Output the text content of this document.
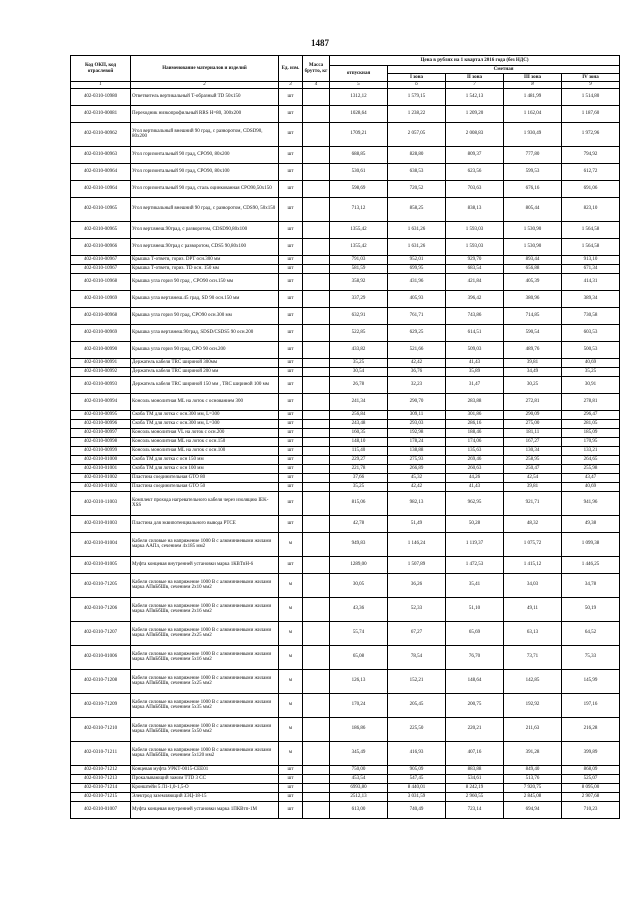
1487
Код ОКП, код отраслевой	Наименование материалов и изделий	Ед. изм.	Масса брутто, кг	Цена в рублях на 1 квартал 2016 года (без НДС)				
				отпускная	Сметная			
					I зона	II зона	III зона	IV зона
1	2	3	4	5	6	7	8	9
402-0310-10980	Ответвитель вертикальный Т-образный TD 50x150	шт		1312,12	1 579,15	1 542,13	1 481,99	1 514,80
402-0310-00081	Переходник низкопрофильный RRS H=80, 300x200	шт		1028,64	1 238,22	1 209,20	1 162,04	1 187,60
402-0310-00962	Угол вертикальный внешний 90 град, с разворотом, CDSD90, 80x200	шт		1709,21	2 057,05	2 008,83	1 930,49	1 972,96
402-0310-00963	Угол горизонтальный 90 град, CPO90, 80x200	шт		688,85	828,80	809,37	777,80	794,92
402-0310-00964	Угол горизонтальный 90 град, CPO90, 80x100	шт		530,61	638,53	623,56	599,53	612,72
402-0310-10964	Угол горизонтальный 90 град, сталь оцинкованная CPO90,50x150	шт		598,69	720,52	703,63	676,16	691,06
402-0310-10965	Угол вертикальный внешний 90 град, с разворотом, CDS90, 50x150	шт		713,12	858,25	838,13	805,44	823,10
402-0310-00965	Угол верт.внеш.90град, с разворотом, CDSD90,80x100	шт		1355,42	1 631,26	1 593,03	1 530,90	1 564,58
402-0310-00966	Угол верт.внеш.90град с разворотом, CDS5 90,80x100	шт		1355,42	1 631,26	1 593,03	1 530,90	1 564,58
402-0310-00967	Крышка Т-ответв, гориз. DPT осн.300 мм	шт		791,03	952,01	929,70	893,44	913,10
402-0310-10967	Крышка Т-ответв, гориз. TD осн. 150 мм	шт		581,59	699,95	683,54	656,88	671,34
402-0310-10968	Крышка угла гориз 90 град , CPO90 осн.150 мм	шт		358,92	431,96	421,84	405,39	414,31
402-0310-10969	Крышка угла верт.внеш.45 град, SD 90 осн.150 мм	шт		337,29	405,93	396,42	380,96	389,34
402-0310-00968	Крышка угла гориз 90 град, CPO90 осн.300 мм	шт		632,91	761,71	743,86	714,85	730,58
402-0310-00969	Крышка угла верт.внеш.90град, SDSD/CSDS5 90 осн.200	шт		522,85	629,25	614,51	590,54	603,53
402-0310-00990	Крышка угла гориз 90 град, CPO 90 осн.200	шт		433,82	521,66	509,03	489,76	500,53
402-0310-00991	Держатель кабеля TRC шириной 300мм	шт		35,25	42,42	41,43	39,81	40,69
402-0310-00992	Держатель кабеля TRC шириной 200 мм	шт		30,54	36,76	35,89	34,49	35,25
402-0310-00993	Держатель кабеля TRC шириной 150 мм , TRC шириной 100 мм	шт		26,78	32,23	31,47	30,25	30,91
402-0310-00994	Консоль монолитная ML на лоток с основанием 300	шт		241,34	290,70	283,88	272,81	278,81
402-0310-00995	Скоба TM для лотка с осн.300 мм, L=300	шт		256,84	309,11	301,86	290,09	296,47
402-0310-00996	Скоба TM для лотка с осн.300 мм, L=300	шт		243,48	293,03	286,16	275,00	281,05
402-0310-00997	Консоль монолитная VL на лоток с осн.200	шт		160,35	192,98	188,46	181,11	185,09
402-0310-00998	Консоль монолитная ML на лоток с осн.150	шт		148,10	178,24	174,06	167,27	170,95
402-0310-00999	Консоль монолитная ML на лоток с осн.100	шт		115,40	138,88	135,63	130,34	133,21
402-0310-01000	Скоба TM для лотка с осн 150 мм	шт		229,27	275,93	269,46	258,95	264,65
402-0310-01001	Скоба TM для лотка с осн 100 мм	шт		221,78	266,89	260,63	250,47	255,98
402-0310-01002	Пластина соединительная GTO 80	шт		37,66	45,32	44,26	42,54	43,47
402-0310-01002	Пластина соединительная GTO 50	шт		35,25	42,42	41,43	39,81	40,69
402-0310-11003	Комплект прохода нагревательного кабеля через изоляцию IEK-XSS	шт		815,06	982,13	962,95	921,71	941,96
402-0310-01003	Пластина для эквипотенциального вывода PTCE	шт		42,78	51,49	50,28	48,32	49,38
402-0310-01004	Кабели силовые на напряжение 1000 В с алюминиевыми жилами марка ААПл, сечением 4x185 мм2	м		949,83	1 146,24	1 119,37	1 075,72	1 099,38
402-0310-01005	Муфта концевая внутренней установки марка 1КВТпН-6	шт		1289,00	1 507,89	1 472,53	1 415,12	1 446,25
402-0310-71205	Кабели силовые на напряжение 1000 В с алюминиевыми жилами марка АПвБбШв, сечением 2x10 мм2	м		30,05	36,26	35,41	34,03	34,78
402-0310-71206	Кабели силовые на напряжение 1000 В с алюминиевыми жилами марка АПвБбШв, сечением 2x16 мм2	м		43,36	52,33	51,10	49,11	50,19
402-0310-71207	Кабели силовые на напряжение 1000 В с алюминиевыми жилами марка АПвБбШв, сечением 2x25 мм2	м		55,74	67,27	65,69	63,13	64,52
402-0310-01006	Кабели силовые на напряжение 1000 В с алюминиевыми жилами марка АПвБбШв, сечением 5x16 мм2	м		65,08	78,54	76,70	73,71	75,33
402-0310-71208	Кабели силовые на напряжение 1000 В с алюминиевыми жилами марка АПвБбШв, сечением 5x25 мм2	м		126,13	152,21	148,64	142,85	145,99
402-0310-71209	Кабели силовые на напряжение 1000 В с алюминиевыми жилами марка АПвБбШв, сечением 5x35 мм2	м		170,24	205,45	200,75	192,92	197,16
402-0310-71210	Кабели силовые на напряжение 1000 В с алюминиевыми жилами марка АПвБбШв, сечением 5x50 мм2	м		186,86	225,50	220,21	211,63	216,28
402-0310-71211	Кабели силовые на напряжение 1000 В с алюминиевыми жилами марка АПвБбШв, сечением 5x120 мм2	м		345,49	416,93	407,16	391,28	399,89
402-0310-71212	Концевая муфта УРКТ-0015-СЕЕ01	шт		750,00	905,09	883,88	849,40	868,09
402-0310-71213	Прокалывающий зажим TTD 3 CC	шт		453,54	547,45	534,61	513,76	525,07
402-0310-71214	Кронштейн 5 Л1-1,0-1,5-О	шт		6993,80	8 440,01	8 242,19	7 920,75	8 095,00
402-0310-71215	Электрод заземляющий ЗЭЦ-18-15	шт		2512,13	3 031,59	2 960,55	2 845,08	2 907,68
402-0310-01007	Муфта концевая внутренней установки марка 1ПКВтп-1М	шт		613,00	740,49	723,14	694,94	710,23
